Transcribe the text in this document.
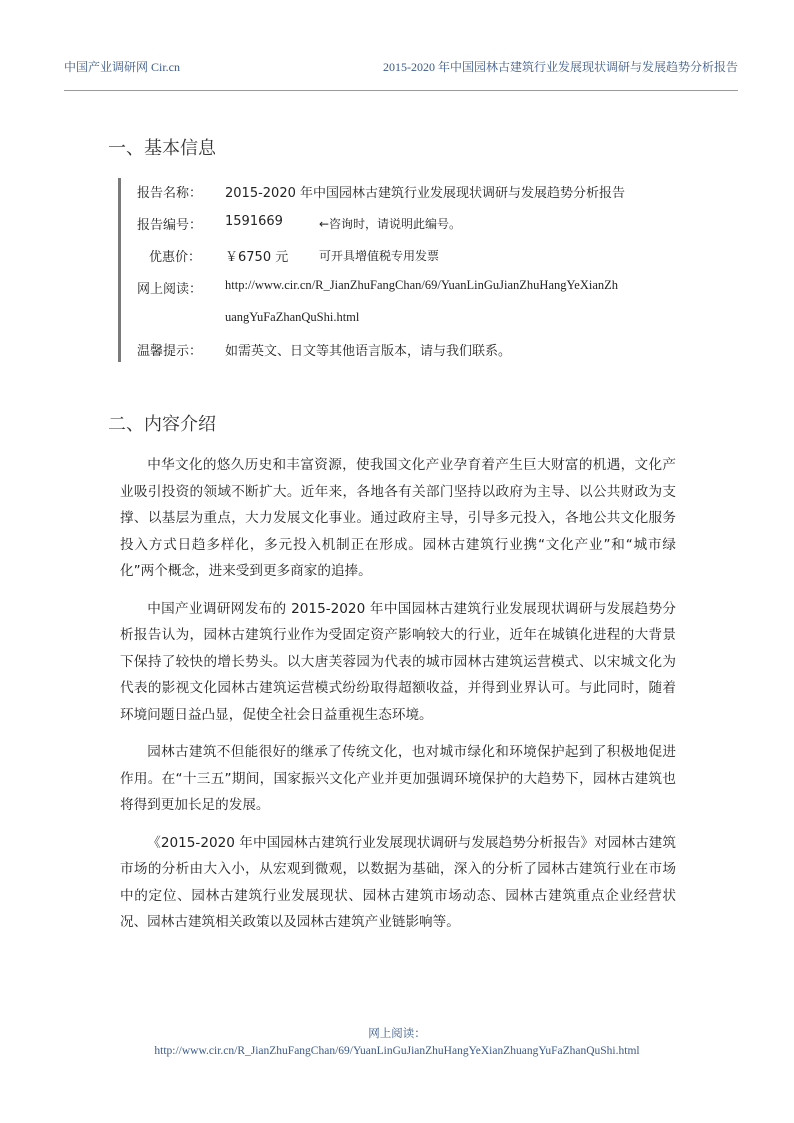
中国产业调研网 Cir.cn	2015-2020 年中国园林古建筑行业发展现状调研与发展趋势分析报告
一、基本信息
报告名称：	2015-2020 年中国园林古建筑行业发展现状调研与发展趋势分析报告
报告编号：	1591669	←咨询时，请说明此编号。
优惠价：	￥6750 元	可开具增值税专用发票
网上阅读：	http://www.cir.cn/R_JianZhuFangChan/69/YuanLinGuJianZhuHangYeXianZh
uangYuFaZhanQuShi.html
温馨提示：	如需英文、日文等其他语言版本，请与我们联系。
二、内容介绍

中华文化的悠久历史和丰富资源，使我国文化产业孕育着产生巨大财富的机遇，文化产业吸引投资的领域不断扩大。近年来，各地各有关部门坚持以政府为主导、以公共财政为支撑、以基层为重点，大力发展文化事业。通过政府主导，引导多元投入，各地公共文化服务投入方式日趋多样化，多元投入机制正在形成。园林古建筑行业携“文化产业”和“城市绿化”两个概念，进来受到更多商家的追捧。

中国产业调研网发布的 2015-2020 年中国园林古建筑行业发展现状调研与发展趋势分析报告认为，园林古建筑行业作为受固定资产影响较大的行业，近年在城镇化进程的大背景下保持了较快的增长势头。以大唐芙蓉园为代表的城市园林古建筑运营模式、以宋城文化为代表的影视文化园林古建筑运营模式纷纷取得超额收益，并得到业界认可。与此同时，随着环境问题日益凸显，促使全社会日益重视生态环境。

园林古建筑不但能很好的继承了传统文化，也对城市绿化和环境保护起到了积极地促进作用。在“十三五”期间，国家振兴文化产业并更加强调环境保护的大趋势下，园林古建筑也将得到更加长足的发展。

《2015-2020 年中国园林古建筑行业发展现状调研与发展趋势分析报告》对园林古建筑市场的分析由大入小，从宏观到微观，以数据为基础，深入的分析了园林古建筑行业在市场中的定位、园林古建筑行业发展现状、园林古建筑市场动态、园林古建筑重点企业经营状况、园林古建筑相关政策以及园林古建筑产业链影响等。

网上阅读：
http://www.cir.cn/R_JianZhuFangChan/69/YuanLinGuJianZhuHangYeXianZhuangYuFaZhanQuShi.html
